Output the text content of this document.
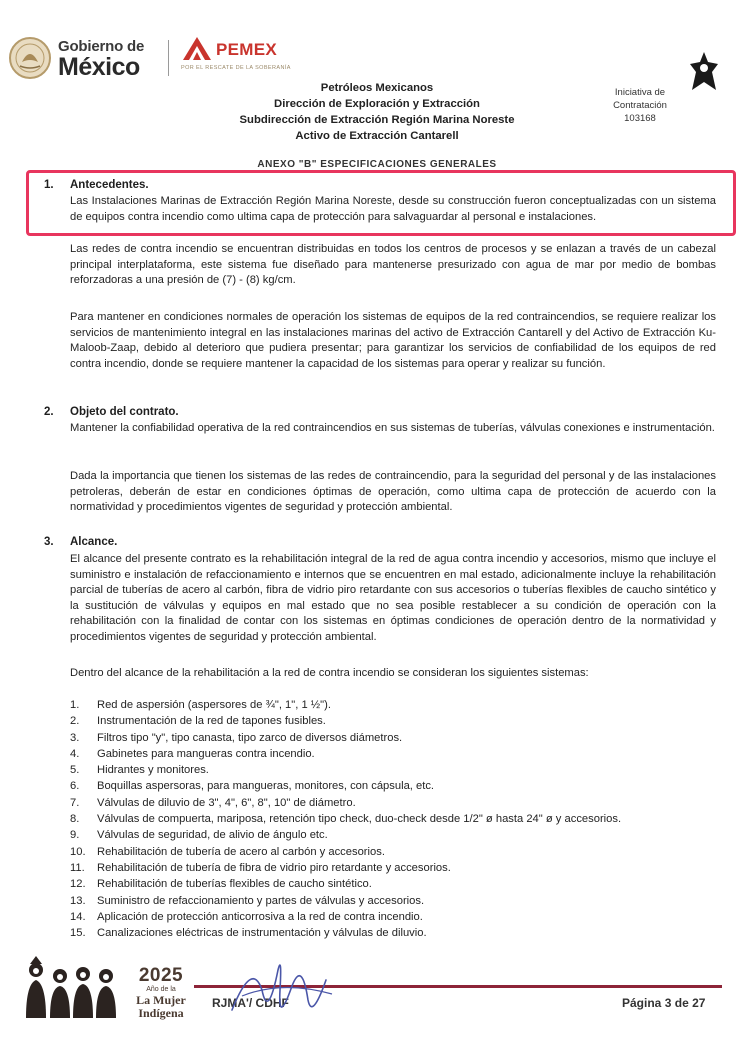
Gobierno de
México
PEMEX
POR EL RESCATE DE LA SOBERANÍA
Petróleos Mexicanos
Dirección de Exploración y Extracción
Subdirección de Extracción Región Marina Noreste
Activo de Extracción Cantarell
Iniciativa de
Contratación
103168
ANEXO "B" ESPECIFICACIONES GENERALES
1. Antecedentes.

Las Instalaciones Marinas de Extracción Región Marina Noreste, desde su construcción fueron conceptualizadas con un sistema de equipos contra incendio como ultima capa de protección para salvaguardar al personal e instalaciones.

Las redes de contra incendio se encuentran distribuidas en todos los centros de procesos y se enlazan a través de un cabezal principal interplataforma, este sistema fue diseñado para mantenerse presurizado con agua de mar por medio de bombas reforzadoras a una presión de (7) - (8) kg/cm.

Para mantener en condiciones normales de operación los sistemas de equipos de la red contraincendios, se requiere realizar los servicios de mantenimiento integral en las instalaciones marinas del activo de Extracción Cantarell y del Activo de Extracción Ku-Maloob-Zaap, debido al deterioro que pudiera presentar; para garantizar los servicios de confiabilidad de los equipos de red contra incendio, donde se requiere mantener la capacidad de los sistemas para operar y realizar su función.

2. Objeto del contrato.

Mantener la confiabilidad operativa de la red contraincendios en sus sistemas de tuberías, válvulas conexiones e instrumentación.

Dada la importancia que tienen los sistemas de las redes de contraincendio, para la seguridad del personal y de las instalaciones petroleras, deberán de estar en condiciones óptimas de operación, como ultima capa de protección de acuerdo con la normatividad y procedimientos vigentes de seguridad y protección ambiental.

3. Alcance.

El alcance del presente contrato es la rehabilitación integral de la red de agua contra incendio y accesorios, mismo que incluye el suministro e instalación de refaccionamiento e internos que se encuentren en mal estado, adicionalmente incluye la rehabilitación parcial de tuberías de acero al carbón, fibra de vidrio piro retardante con sus accesorios o tuberías flexibles de caucho sintético y la sustitución de válvulas y equipos en mal estado que no sea posible restablecer a su condición de operación con la rehabilitación con la finalidad de contar con los sistemas en óptimas condiciones de operación dentro de la normatividad y procedimientos vigentes de seguridad y protección ambiental.

Dentro del alcance de la rehabilitación a la red de contra incendio se consideran los siguientes sistemas:

1. Red de aspersión (aspersores de ¾", 1", 1 ½").
2. Instrumentación de la red de tapones fusibles.
3. Filtros tipo "y", tipo canasta, tipo zarco de diversos diámetros.
4. Gabinetes para mangueras contra incendio.
5. Hidrantes y monitores.
6. Boquillas aspersoras, para mangueras, monitores, con cápsula, etc.
7. Válvulas de diluvio de 3", 4", 6", 8", 10" de diámetro.
8. Válvulas de compuerta, mariposa, retención tipo check, duo-check desde 1/2" ø hasta 24" ø y accesorios.
9. Válvulas de seguridad, de alivio de ángulo etc.
10. Rehabilitación de tubería de acero al carbón y accesorios.
11. Rehabilitación de tubería de fibra de vidrio piro retardante y accesorios.
12. Rehabilitación de tuberías flexibles de caucho sintético.
13. Suministro de refaccionamiento y partes de válvulas y accesorios.
14. Aplicación de protección anticorrosiva a la red de contra incendio.
15. Canalizaciones eléctricas de instrumentación y válvulas de diluvio.
2025
Año de la
La Mujer
Indígena
RJMA'/ CDHF	Página 3 de 27
